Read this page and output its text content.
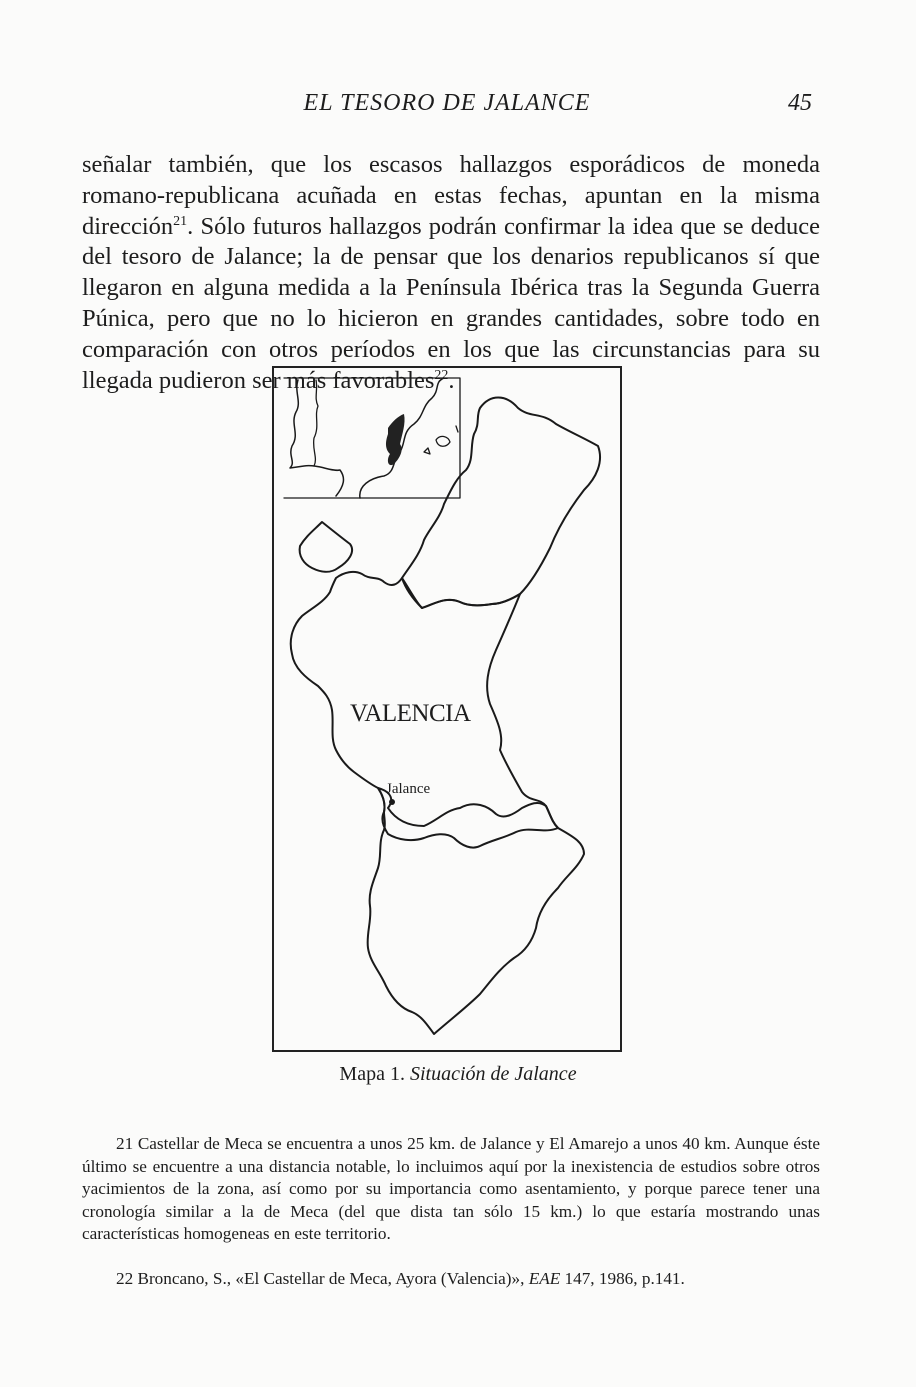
EL TESORO DE JALANCE	45

señalar también, que los escasos hallazgos esporádicos de moneda romano-republicana acuñada en estas fechas, apuntan en la misma dirección$^{21}$. Sólo futuros hallazgos podrán confirmar la idea que se deduce del tesoro de Jalance; la de pensar que los denarios republicanos sí que llegaron en alguna medida a la Península Ibérica tras la Segunda Guerra Púnica, pero que no lo hicieron en grandes cantidades, sobre todo en comparación con otros períodos en los que las circunstancias para su llegada pudieron ser más favorables$^{22}$.

VALENCIA
Jalance
Mapa 1. Situación de Jalance

21 Castellar de Meca se encuentra a unos 25 km. de Jalance y El Amarejo a unos 40 km. Aunque éste último se encuentre a una distancia notable, lo incluimos aquí por la inexistencia de estudios sobre otros yacimientos de la zona, así como por su importancia como asentamiento, y porque parece tener una cronología similar a la de Meca (del que dista tan sólo 15 km.) lo que estaría mostrando unas características homogeneas en este territorio.

22 Broncano, S., «El Castellar de Meca, Ayora (Valencia)», EAE 147, 1986, p.141.
